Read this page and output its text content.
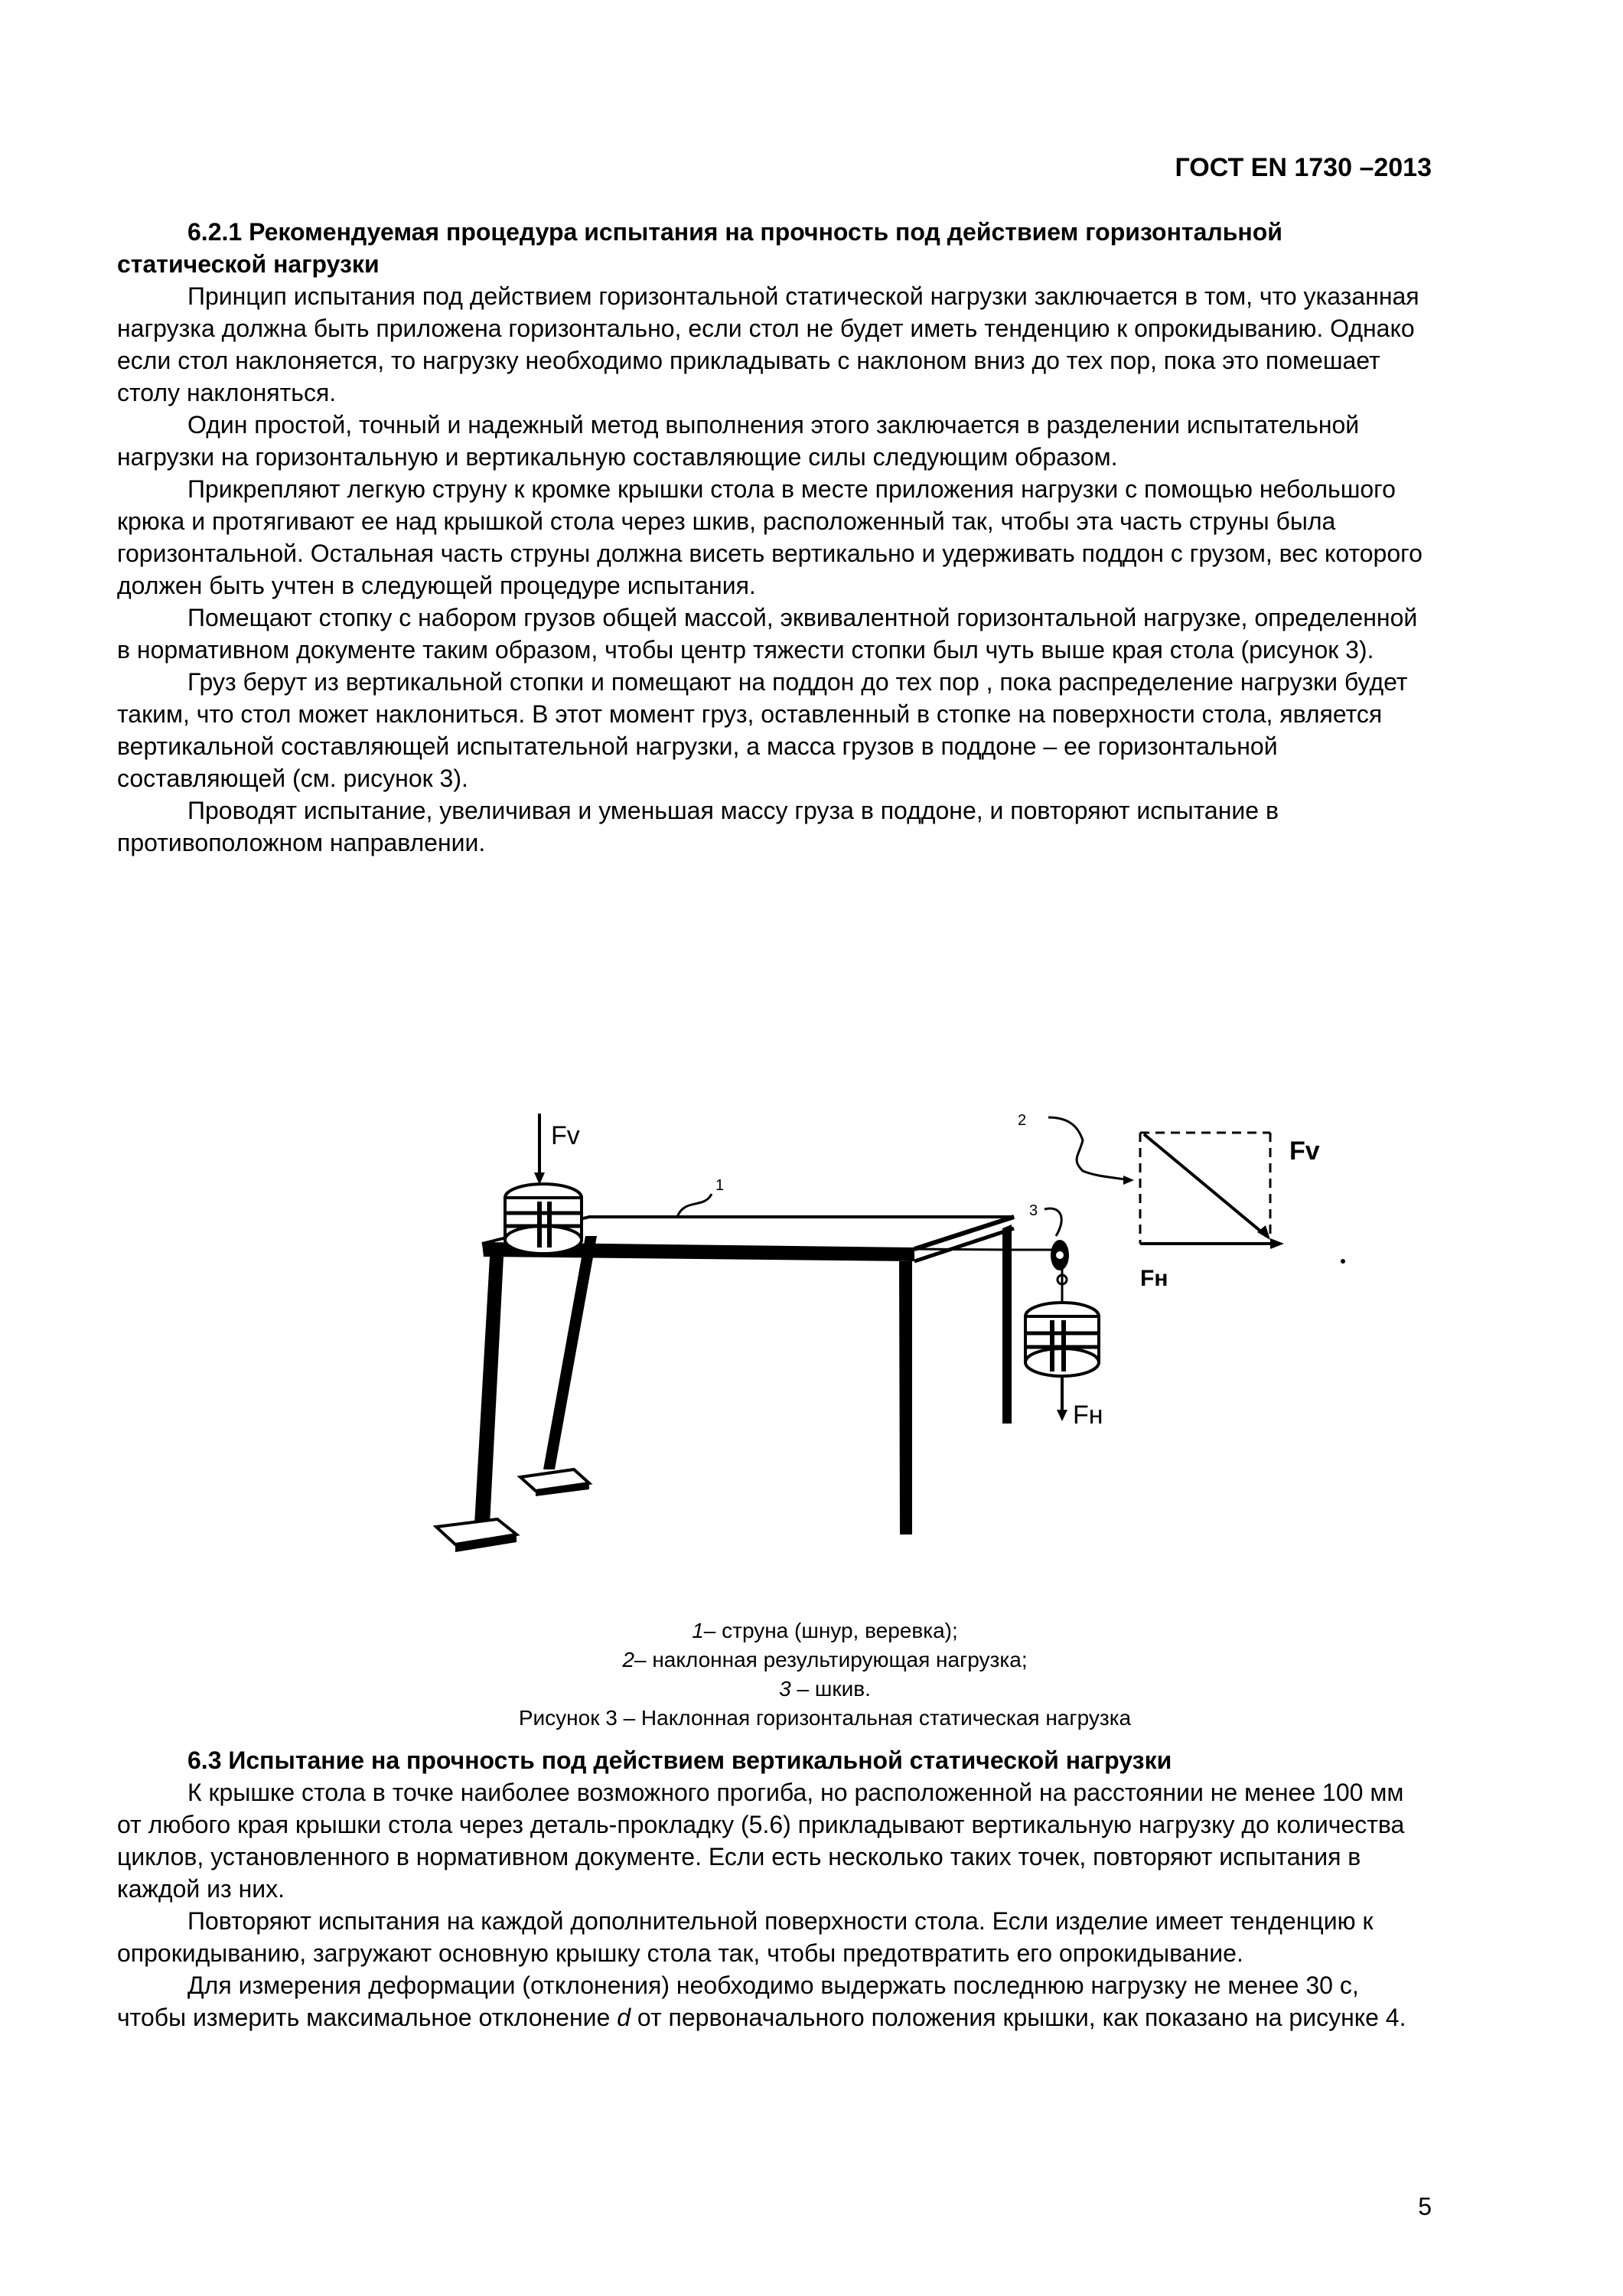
ГОСТ EN 1730 –2013

6.2.1 Рекомендуемая процедура испытания на прочность под действием горизонтальной статической нагрузки

Принцип испытания под действием горизонтальной статической нагрузки заключается в том, что указанная нагрузка должна быть приложена горизонтально, если стол не будет иметь тенденцию к опрокидыванию. Однако если стол наклоняется, то нагрузку необходимо прикладывать с наклоном вниз до тех пор, пока это помешает столу наклоняться.

Один простой, точный и надежный метод выполнения этого заключается в разделении испытательной нагрузки на горизонтальную и вертикальную составляющие силы следующим образом.

Прикрепляют легкую струну к кромке крышки стола в месте приложения нагрузки с помощью небольшого крюка и протягивают ее над крышкой стола через шкив, расположенный так, чтобы эта часть струны была горизонтальной. Остальная часть струны должна висеть вертикально и удерживать поддон с грузом, вес которого должен быть учтен в следующей процедуре испытания.

Помещают стопку с набором грузов общей массой, эквивалентной горизонтальной нагрузке, определенной в нормативном документе таким образом, чтобы центр тяжести стопки был чуть выше края стола (рисунок 3).

Груз берут из вертикальной стопки и помещают на поддон до тех пор , пока распределение нагрузки будет таким, что стол может наклониться. В этот момент груз, оставленный в стопке на поверхности стола, является вертикальной составляющей испытательной нагрузки, а масса грузов в поддоне – ее горизонтальной составляющей (см. рисунок 3).

Проводят испытание, увеличивая и уменьшая массу груза в поддоне, и повторяют испытание в противоположном направлении.

Fv
1
3
Fн
2
Fv
Fн
1– струна (шнур, веревка);
2– наклонная результирующая нагрузка;
3 – шкив.
Рисунок 3 – Наклонная горизонтальная статическая нагрузка

6.3 Испытание на прочность под действием вертикальной статической нагрузки

К крышке стола в точке наиболее возможного прогиба, но расположенной на расстоянии не менее 100 мм от любого края крышки стола через деталь-прокладку (5.6) прикладывают вертикальную нагрузку до количества циклов, установленного в нормативном документе. Если есть несколько таких точек, повторяют испытания в каждой из них.

Повторяют испытания на каждой дополнительной поверхности стола. Если изделие имеет тенденцию к опрокидыванию, загружают основную крышку стола так, чтобы предотвратить его опрокидывание.

Для измерения деформации (отклонения) необходимо выдержать последнюю нагрузку не менее 30 с, чтобы измерить максимальное отклонение d от первоначального положения крышки, как показано на рисунке 4.

5
